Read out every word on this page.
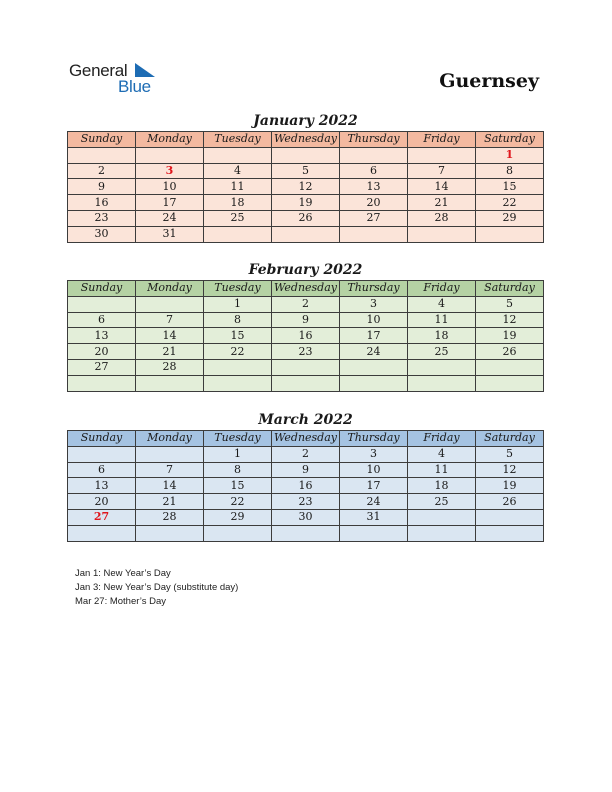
General
Blue	Guernsey
January 2022
Sunday	Monday	Tuesday	Wednesday	Thursday	Friday	Saturday
						1
2	3	4	5	6	7	8
9	10	11	12	13	14	15
16	17	18	19	20	21	22
23	24	25	26	27	28	29
30	31					
February 2022
Sunday	Monday	Tuesday	Wednesday	Thursday	Friday	Saturday
		1	2	3	4	5
6	7	8	9	10	11	12
13	14	15	16	17	18	19
20	21	22	23	24	25	26
27	28					

March 2022
Sunday	Monday	Tuesday	Wednesday	Thursday	Friday	Saturday
		1	2	3	4	5
6	7	8	9	10	11	12
13	14	15	16	17	18	19
20	21	22	23	24	25	26
27	28	29	30	31		

Jan 1: New Year’s Day
Jan 3: New Year’s Day (substitute day)
Mar 27: Mother’s Day
